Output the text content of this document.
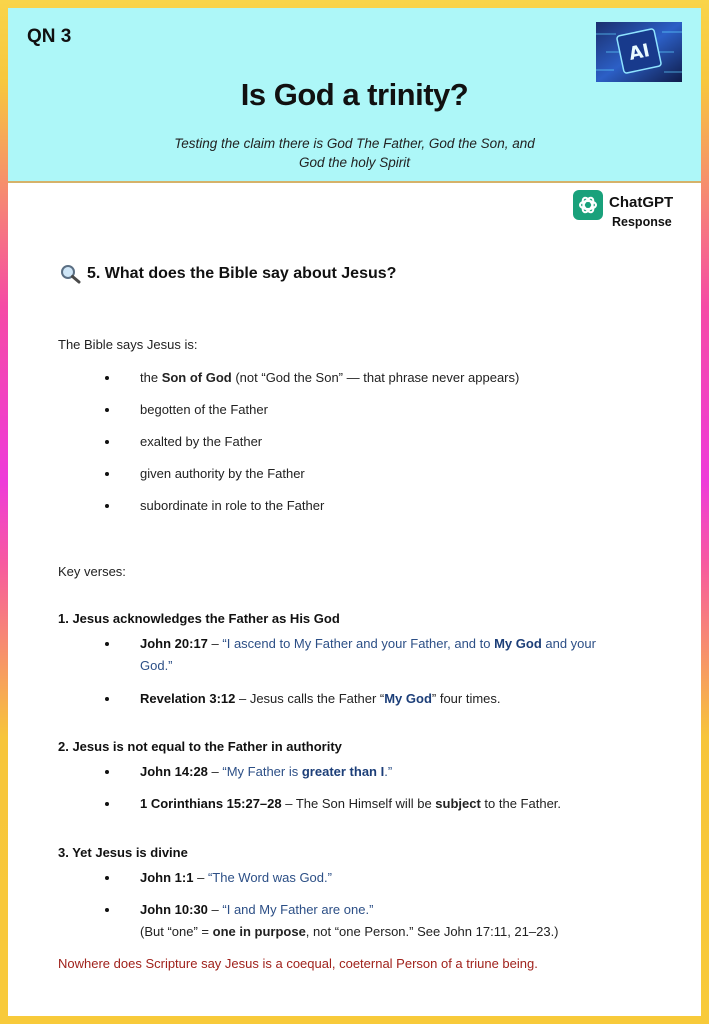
QN 3
Is God a trinity?
Testing the claim there is God The Father, God the Son, and
God the holy Spirit
AI
ChatGPT
Response
5. What does the Bible say about Jesus?
The Bible says Jesus is:
the Son of God (not “God the Son” — that phrase never appears)
begotten of the Father
exalted by the Father
given authority by the Father
subordinate in role to the Father
Key verses:
1. Jesus acknowledges the Father as His God
John 20:17 – “I ascend to My Father and your Father, and to My God and your
God.”
Revelation 3:12 – Jesus calls the Father “My God” four times.
2. Jesus is not equal to the Father in authority
John 14:28 – “My Father is greater than I.”
1 Corinthians 15:27–28 – The Son Himself will be subject to the Father.
3. Yet Jesus is divine
John 1:1 – “The Word was God.”
John 10:30 – “I and My Father are one.”
(But “one” = one in purpose, not “one Person.” See John 17:11, 21–23.)
Nowhere does Scripture say Jesus is a coequal, coeternal Person of a triune being.
